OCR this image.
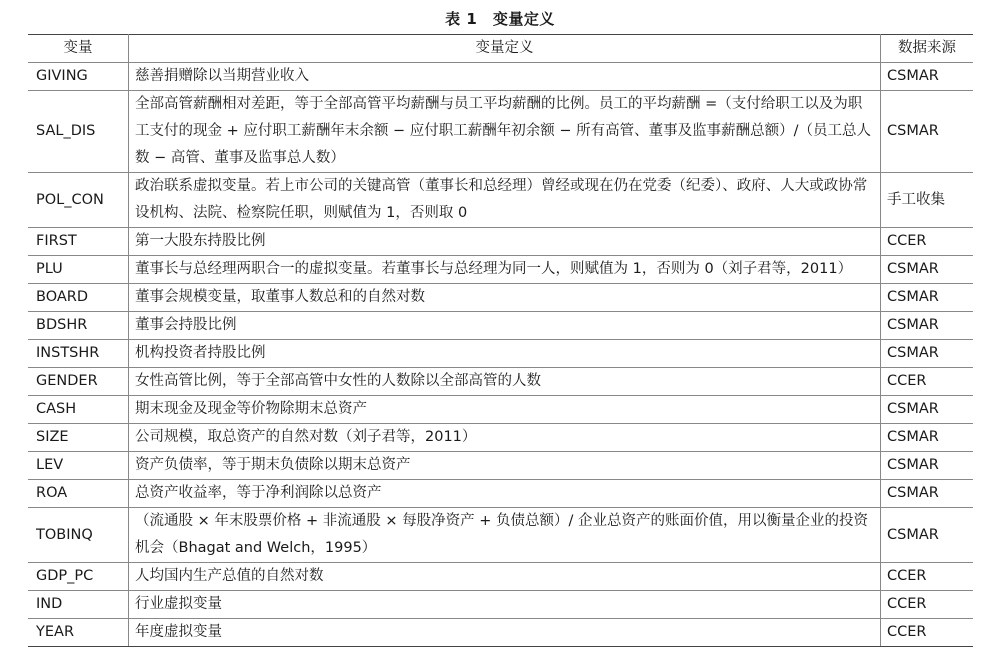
表 1　变量定义
变量	变量定义	数据来源
GIVING	慈善捐赠除以当期营业收入	CSMAR
SAL_DIS	全部高管薪酬相对差距，等于全部高管平均薪酬与员工平均薪酬的比例。员工的平均薪酬 =（支付给职工以及为职工支付的现金 + 应付职工薪酬年末余额 − 应付职工薪酬年初余额 − 所有高管、董事及监事薪酬总额）/（员工总人数 − 高管、董事及监事总人数）	CSMAR
POL_CON	政治联系虚拟变量。若上市公司的关键高管（董事长和总经理）曾经或现在仍在党委（纪委）、政府、人大或政协常设机构、法院、检察院任职，则赋值为 1，否则取 0	手工收集
FIRST	第一大股东持股比例	CCER
PLU	董事长与总经理两职合一的虚拟变量。若董事长与总经理为同一人，则赋值为 1，否则为 0（刘子君等，2011）	CSMAR
BOARD	董事会规模变量，取董事人数总和的自然对数	CSMAR
BDSHR	董事会持股比例	CSMAR
INSTSHR	机构投资者持股比例	CSMAR
GENDER	女性高管比例，等于全部高管中女性的人数除以全部高管的人数	CCER
CASH	期末现金及现金等价物除期末总资产	CSMAR
SIZE	公司规模，取总资产的自然对数（刘子君等，2011）	CSMAR
LEV	资产负债率，等于期末负债除以期末总资产	CSMAR
ROA	总资产收益率，等于净利润除以总资产	CSMAR
TOBINQ	（流通股 × 年末股票价格 + 非流通股 × 每股净资产 + 负债总额）/ 企业总资产的账面价值，用以衡量企业的投资机会（Bhagat and Welch，1995）	CSMAR
GDP_PC	人均国内生产总值的自然对数	CCER
IND	行业虚拟变量	CCER
YEAR	年度虚拟变量	CCER
